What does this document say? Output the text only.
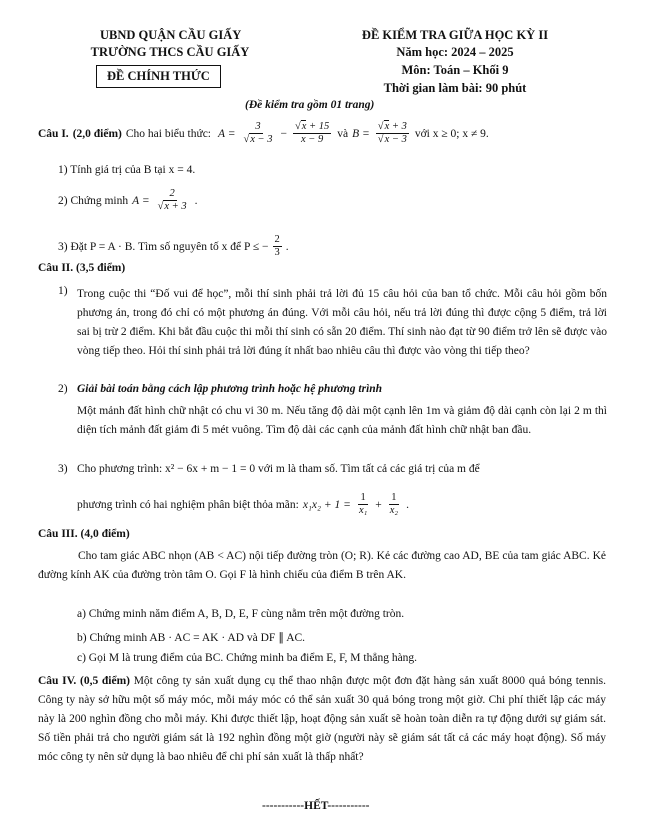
UBND QUẬN CẦU GIẤY
TRƯỜNG THCS CẦU GIẤY
ĐỀ CHÍNH THỨC
ĐỀ KIỂM TRA GIỮA HỌC KỲ II
Năm học: 2024 – 2025
Môn: Toán – Khối 9
Thời gian làm bài: 90 phút
(Đề kiểm tra gồm 01 trang)
Câu I. (2,0 điểm) Cho hai biểu thức: $A = \frac{3}{√x - 3} - \frac{√x + 15}{x - 9}$ và $B = \frac{√x + 3}{√x - 3}$ với x ≥ 0; x ≠ 9.
1) Tính giá trị của B tại x = 4.
2) Chứng minh $A = \frac{2}{√x + 3}$ .
3) Đặt P = A · B. Tìm số nguyên tố x để P ≤ − $\frac{2}{3}$ .
Câu II. (3,5 điểm)
1) Trong cuộc thi “Đố vui để học”, mỗi thí sinh phải trả lời đủ 15 câu hỏi của ban tổ chức. Mỗi câu hỏi gồm bốn phương án, trong đó chỉ có một phương án đúng. Với mỗi câu hỏi, nếu trả lời đúng thì được cộng 5 điểm, trả lời sai bị trừ 2 điểm. Khi bắt đầu cuộc thi mỗi thí sinh có sẵn 20 điểm. Thí sinh nào đạt từ 90 điểm trở lên sẽ được vào vòng tiếp theo. Hỏi thí sinh phải trả lời đúng ít nhất bao nhiêu câu thì được vào vòng thi tiếp theo?
2) Giải bài toán bằng cách lập phương trình hoặc hệ phương trình
Một mảnh đất hình chữ nhật có chu vi 30 m. Nếu tăng độ dài một cạnh lên 1m và giảm độ dài cạnh còn lại 2 m thì diện tích mảnh đất giảm đi 5 mét vuông. Tìm độ dài các cạnh của mảnh đất hình chữ nhật ban đầu.
3) Cho phương trình: x² − 6x + m − 1 = 0 với m là tham số. Tìm tất cả các giá trị của m để
phương trình có hai nghiệm phân biệt thỏa mãn: $x_1x_2 + 1 = \frac{1}{\text{x₁}} + \frac{1}{\text{x₂}}$ .
Câu III. (4,0 điểm)
Cho tam giác ABC nhọn (AB < AC) nội tiếp đường tròn (O; R). Kẻ các đường cao AD, BE của tam giác ABC. Kẻ đường kính AK của đường tròn tâm O. Gọi F là hình chiếu của điểm B trên AK.
a) Chứng minh năm điểm A, B, D, E, F cùng nằm trên một đường tròn.
b) Chứng minh AB · AC = AK · AD và DF ∥ AC.
c) Gọi M là trung điểm của BC. Chứng minh ba điểm E, F, M thẳng hàng.
Câu IV. (0,5 điểm) Một công ty sản xuất dụng cụ thể thao nhận được một đơn đặt hàng sản xuất 8000 quả bóng tennis. Công ty này sở hữu một số máy móc, mỗi máy móc có thể sản xuất 30 quả bóng trong một giờ. Chi phí thiết lập các máy này là 200 nghìn đồng cho mỗi máy. Khi được thiết lập, hoạt động sản xuất sẽ hoàn toàn diễn ra tự động dưới sự giám sát. Số tiền phải trả cho người giám sát là 192 nghìn đồng một giờ (người này sẽ giám sát tất cả các máy hoạt động). Số máy móc công ty nên sử dụng là bao nhiêu để chi phí sản xuất là thấp nhất?
-----------HẾT-----------
